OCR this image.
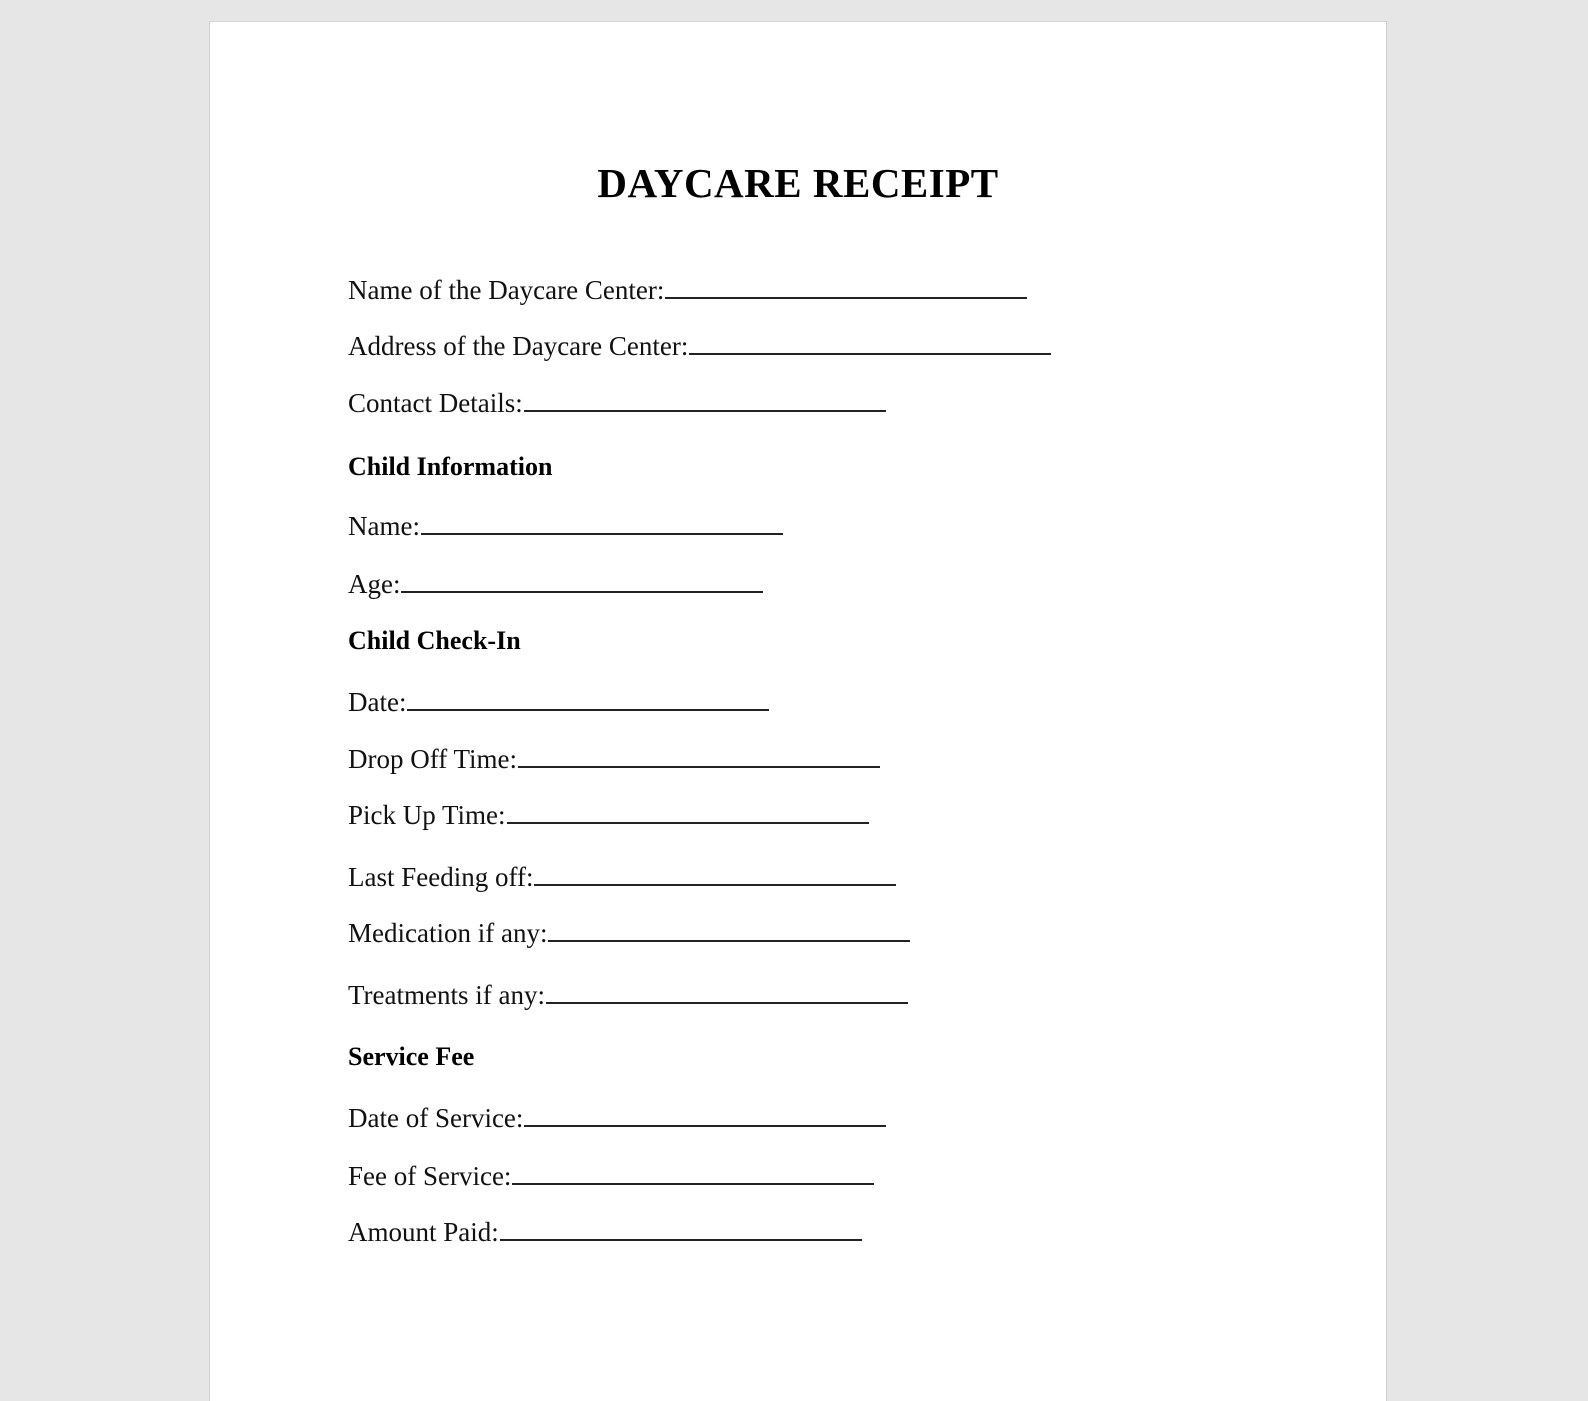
DAYCARE RECEIPT
Name of the Daycare Center:
Address of the Daycare Center:
Contact Details:
Child Information
Name:
Age:
Child Check-In
Date:
Drop Off Time:
Pick Up Time:
Last Feeding off:
Medication if any:
Treatments if any:
Service Fee
Date of Service:
Fee of Service:
Amount Paid:
